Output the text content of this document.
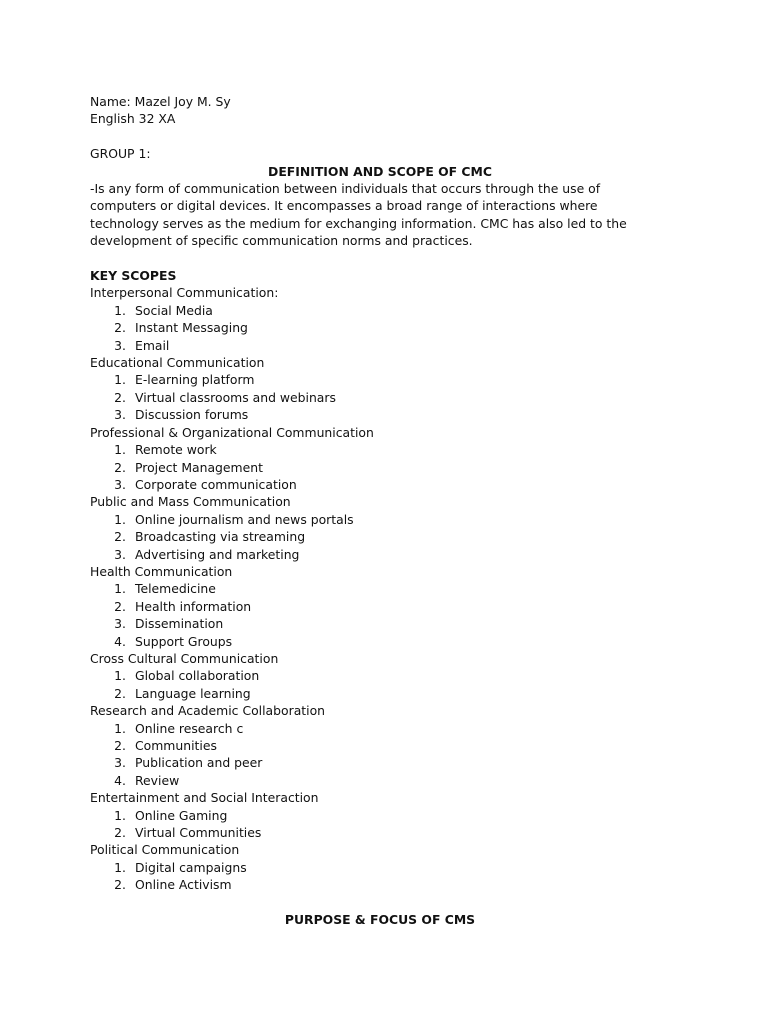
Name: Mazel Joy M. Sy
English 32 XA
GROUP 1:
DEFINITION AND SCOPE OF CMC
-Is any form of communication between individuals that occurs through the use of computers or digital devices. It encompasses a broad range of interactions where technology serves as the medium for exchanging information. CMC has also led to the development of specific communication norms and practices.
KEY SCOPES
Interpersonal Communication:
1. Social Media
2. Instant Messaging
3. Email
Educational Communication
1. E-learning platform
2. Virtual classrooms and webinars
3. Discussion forums
Professional & Organizational Communication
1. Remote work
2. Project Management
3. Corporate communication
Public and Mass Communication
1. Online journalism and news portals
2. Broadcasting via streaming
3. Advertising and marketing
Health Communication
1. Telemedicine
2. Health information
3. Dissemination
4. Support Groups
Cross Cultural Communication
1. Global collaboration
2. Language learning
Research and Academic Collaboration
1. Online research c
2. Communities
3. Publication and peer
4. Review
Entertainment and Social Interaction
1. Online Gaming
2. Virtual Communities
Political Communication
1. Digital campaigns
2. Online Activism
PURPOSE & FOCUS OF CMS
